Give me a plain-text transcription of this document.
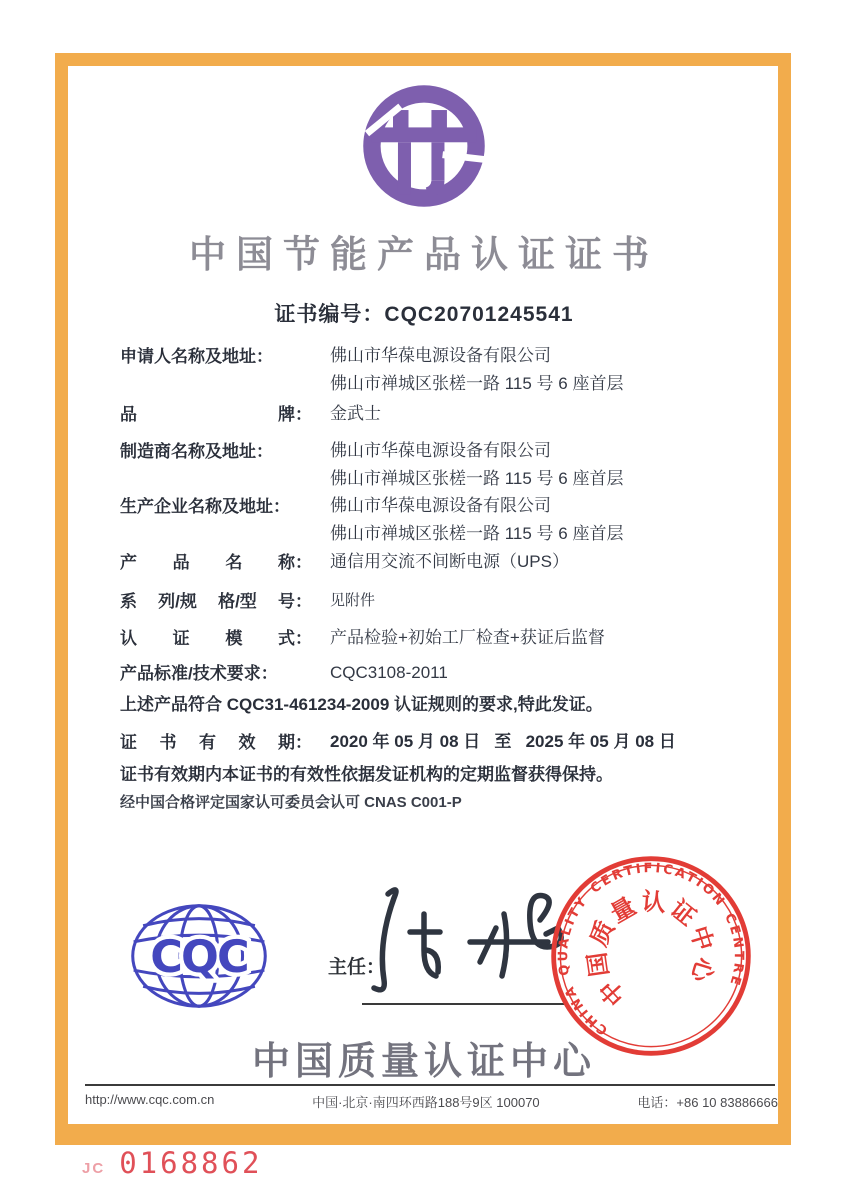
中国节能产品认证证书
证书编号：CQC20701245541
申请人名称及地址：	佛山市华葆电源设备有限公司
佛山市禅城区张槎一路 115 号 6 座首层
品	牌： 金武士
制造商名称及地址：	佛山市华葆电源设备有限公司
佛山市禅城区张槎一路 115 号 6 座首层
生产企业名称及地址： 佛山市华葆电源设备有限公司
佛山市禅城区张槎一路 115 号 6 座首层
产 品 名 称： 通信用交流不间断电源（UPS）
系 列/规 格/型 号： 见附件
认 证 模 式： 产品检验+初始工厂检查+获证后监督
产品标准/技术要求：	CQC3108-2011
上述产品符合 CQC31-461234-2009 认证规则的要求,特此发证。
证 书 有 效 期： 2020 年 05 月 08 日   至   2025 年 05 月 08 日
证书有效期内本证书的有效性依据发证机构的定期监督获得保持。
经中国合格评定国家认可委员会认可 CNAS C001-P
CQC	主任：
CHINA QUALITY CERTIFICATION CENTRE
中国质量认证中心
中国质量认证中心
http://www.cqc.com.cn	中国·北京·南四环西路188号9区 100070	电话：+86 10 83886666
JC 0168862
